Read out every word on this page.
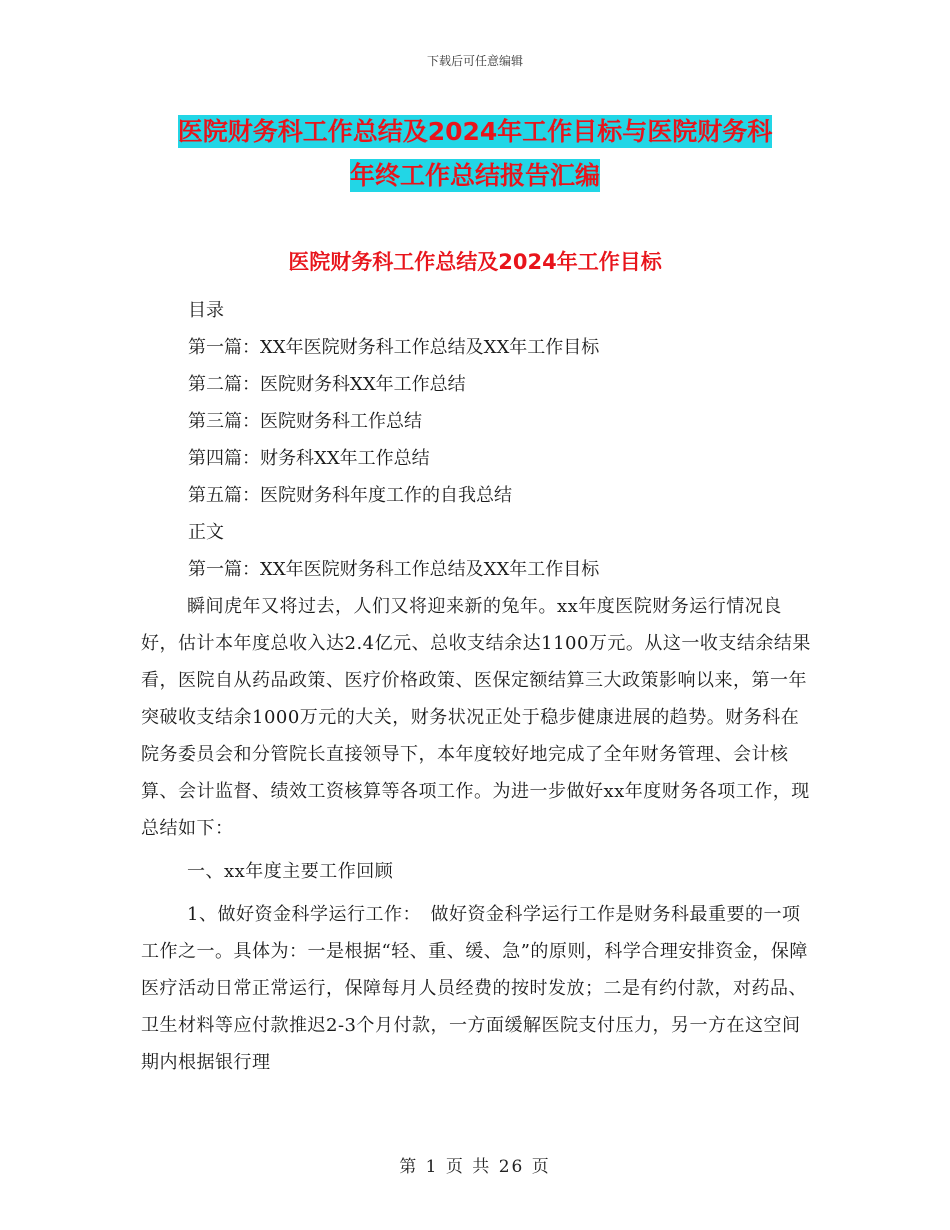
下载后可任意编辑
医院财务科工作总结及2024年工作目标与医院财务科
年终工作总结报告汇编
医院财务科工作总结及2024年工作目标
目录
第一篇：XX年医院财务科工作总结及XX年工作目标
第二篇：医院财务科XX年工作总结
第三篇：医院财务科工作总结
第四篇：财务科XX年工作总结
第五篇：医院财务科年度工作的自我总结
正文
第一篇：XX年医院财务科工作总结及XX年工作目标

瞬间虎年又将过去，人们又将迎来新的兔年。xx年度医院财务运行情况良好，估计本年度总收入达2.4亿元、总收支结余达1100万元。从这一收支结余结果看，医院自从药品政策、医疗价格政策、医保定额结算三大政策影响以来，第一年突破收支结余1000万元的大关，财务状况正处于稳步健康进展的趋势。财务科在院务委员会和分管院长直接领导下，本年度较好地完成了全年财务管理、会计核算、会计监督、绩效工资核算等各项工作。为进一步做好xx年度财务各项工作，现总结如下：

一、xx年度主要工作回顾

1、做好资金科学运行工作：　做好资金科学运行工作是财务科最重要的一项工作之一。具体为：一是根据“轻、重、缓、急”的原则，科学合理安排资金，保障医疗活动日常正常运行，保障每月人员经费的按时发放；二是有约付款，对药品、卫生材料等应付款推迟2-3个月付款，一方面缓解医院支付压力，另一方在这空间期内根据银行理

第 1 页 共 26 页
